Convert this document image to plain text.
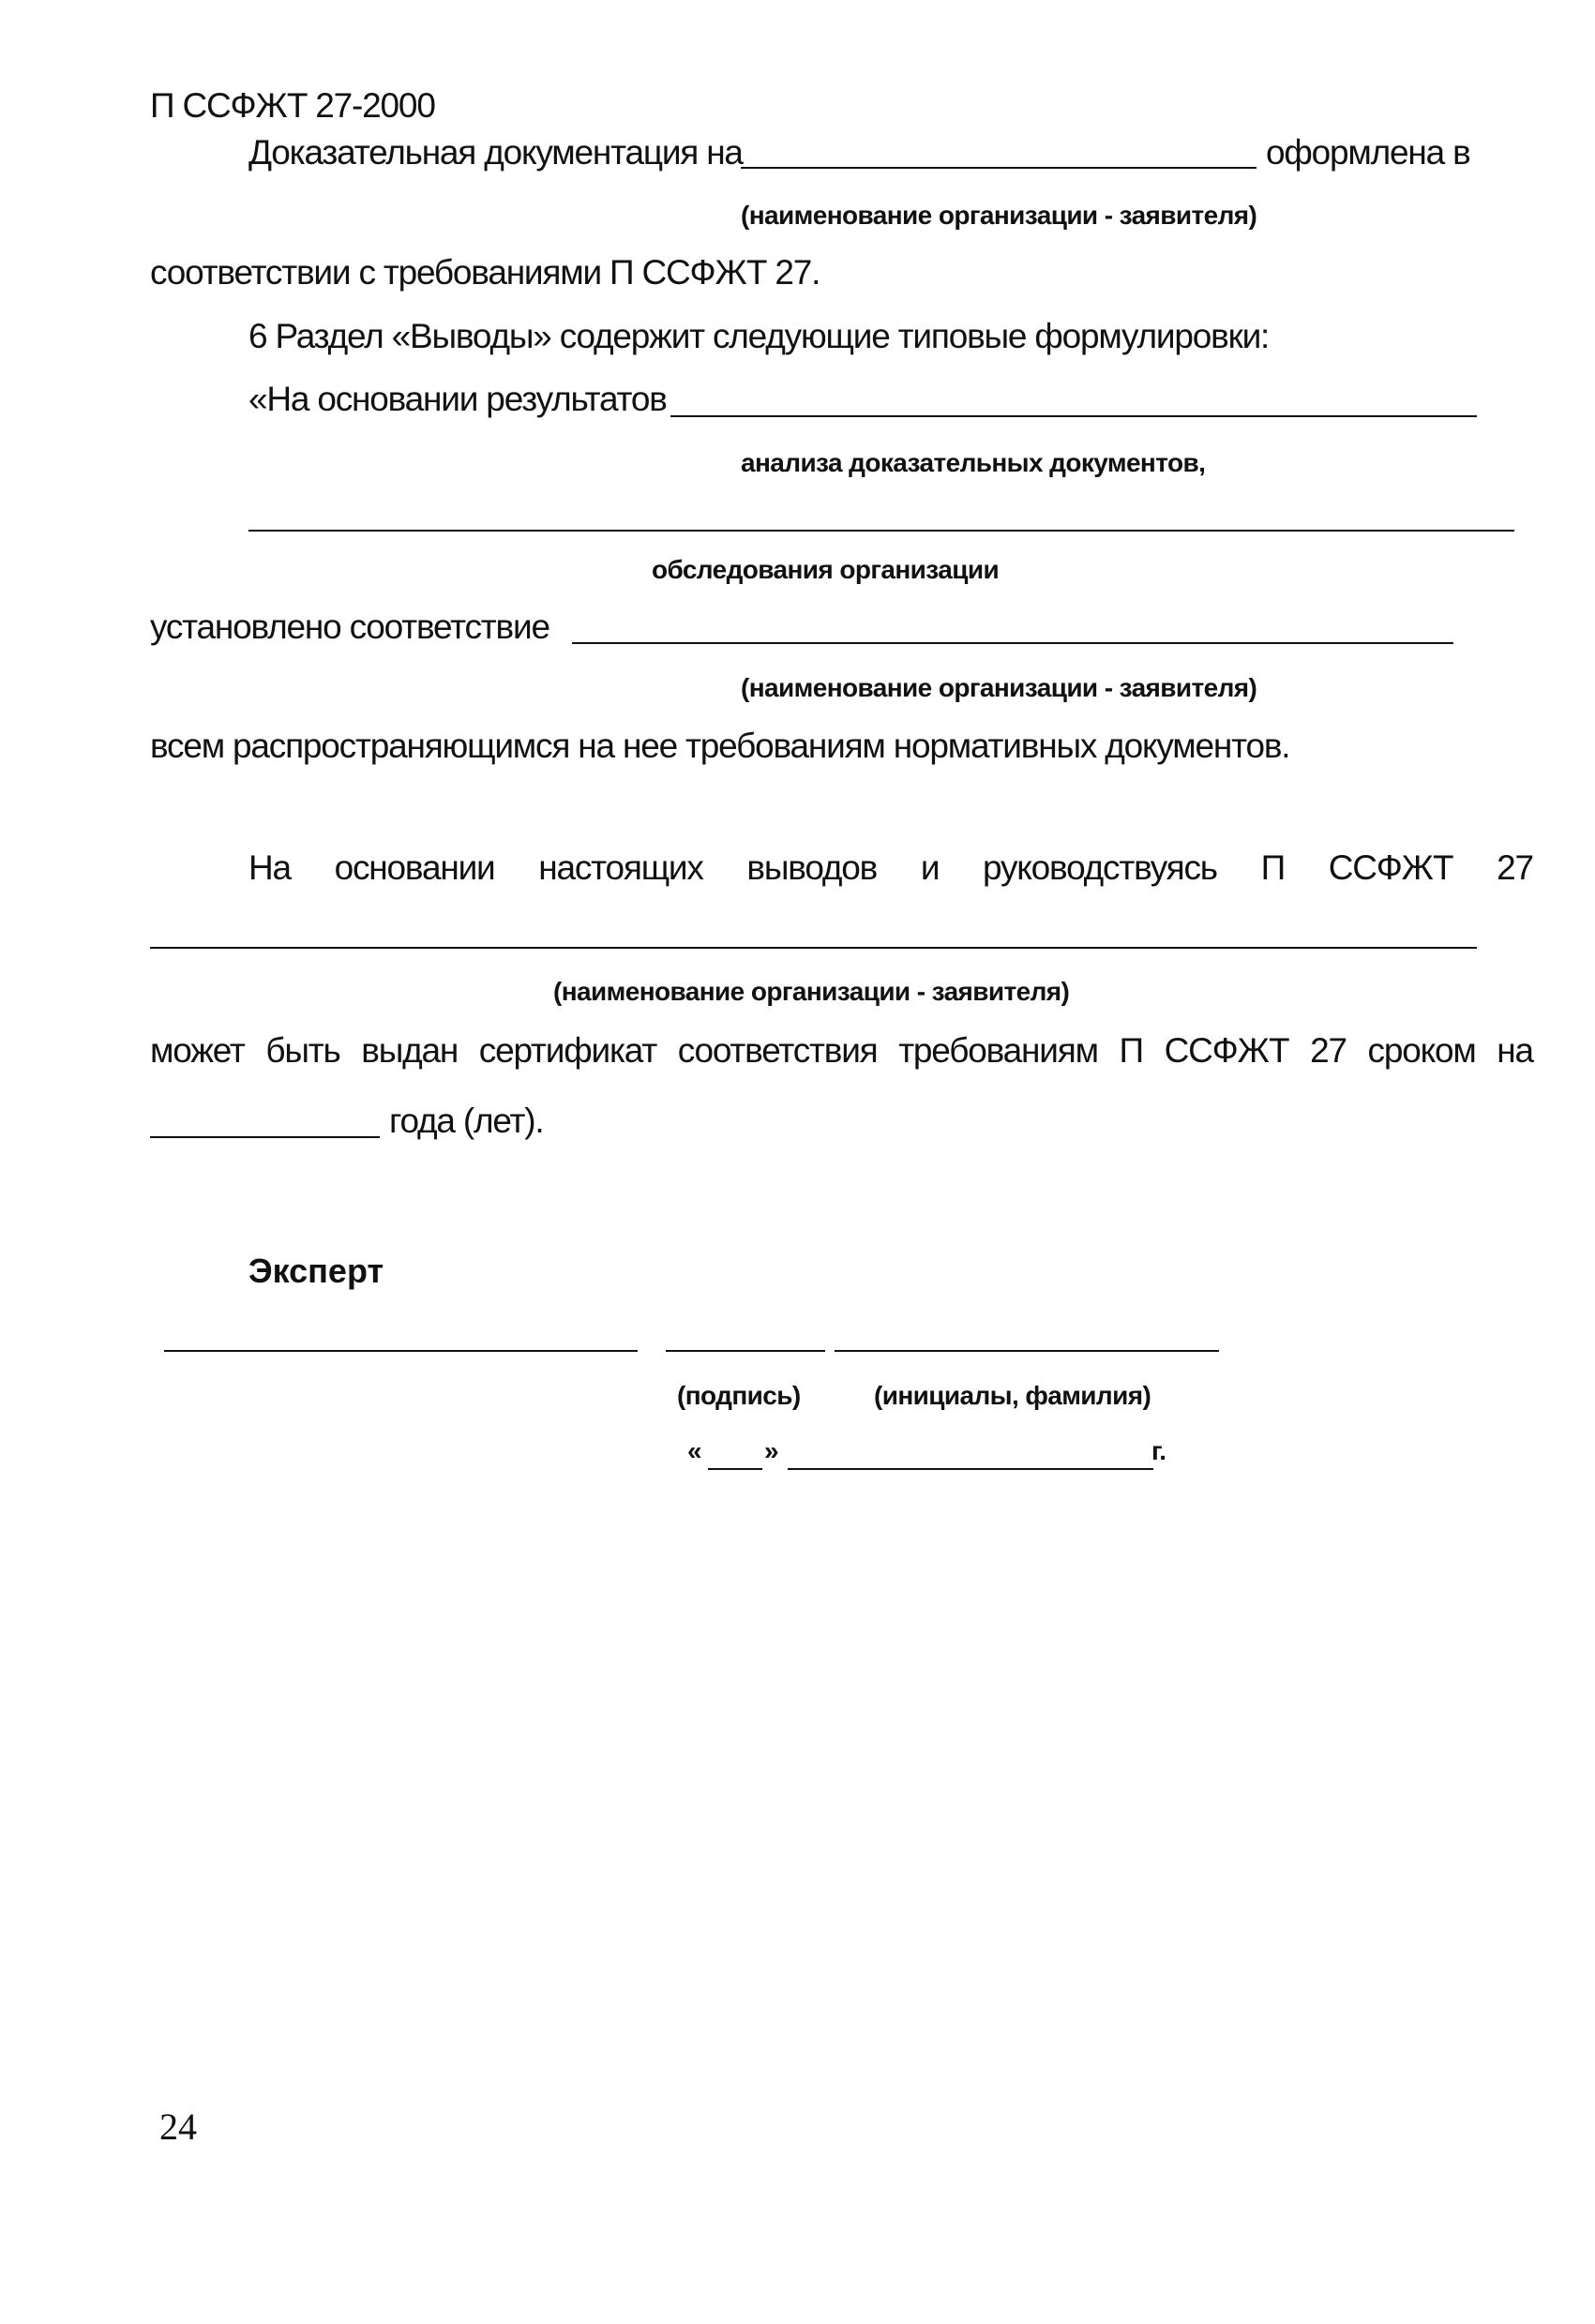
П ССФЖТ 27-2000
Доказательная документация на	оформлена в
(наименование организации - заявителя)
соответствии с требованиями П ССФЖТ 27.
6 Раздел «Выводы» содержит следующие типовые формулировки:
«На основании результатов
анализа доказательных документов,
обследования организации
установлено соответствие
(наименование организации - заявителя)
всем распространяющимся на нее требованиям нормативных документов.
На основании настоящих выводов и руководствуясь П ССФЖТ 27
(наименование организации - заявителя)
может быть выдан сертификат соответствия требованиям П ССФЖТ 27 сроком на
года (лет).
Эксперт
(подпись)	(инициалы, фамилия)
« »	г.
24
